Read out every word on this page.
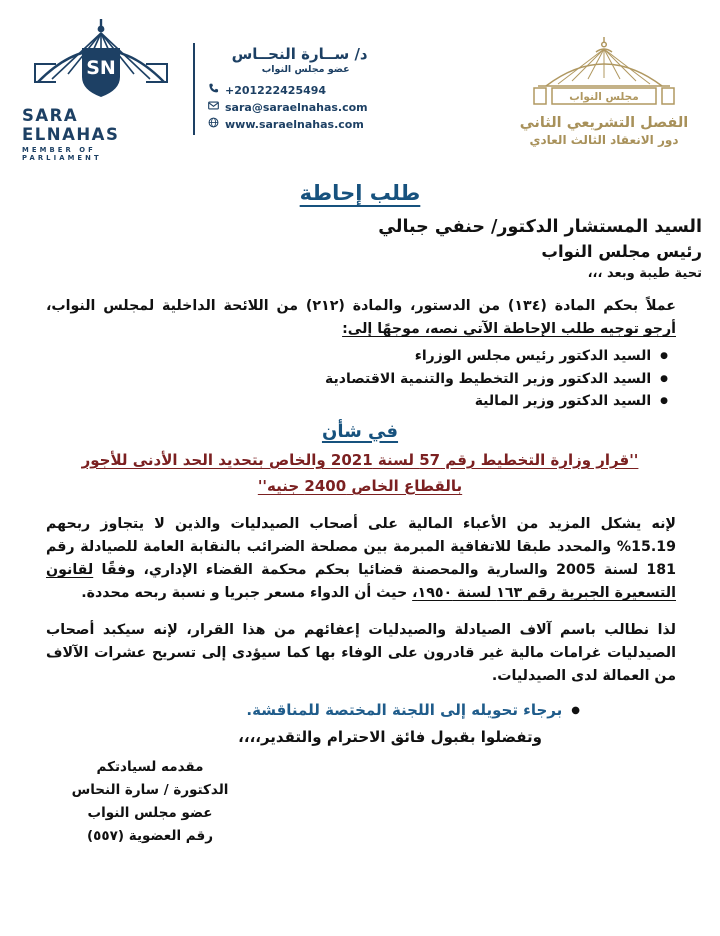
SN
SARA ELNAHAS
MEMBER OF PARLIAMENT
د/ ســارة النحــاس
عضو مجلس النواب
+201222425494
sara@saraelnahas.com
www.saraelnahas.com
مجلس النواب
الفصل التشريعي الثاني
دور الانعقاد الثالث العادي
طلب إحاطة
السيد المستشار الدكتور/ حنفي جبالي
رئيس مجلس النواب
تحية طيبة وبعد ،،،
عملاً بحكم المادة (١٣٤) من الدستور، والمادة (٢١٢) من اللائحة الداخلية لمجلس النواب، أرجو توجيه طلب الإحاطة الآتي نصه، موجهًا إلى:
● السيد الدكتور رئيس مجلس الوزراء
● السيد الدكتور وزير التخطيط والتنمية الاقتصادية
● السيد الدكتور وزير المالية
في شأن
''قرار وزارة التخطيط رقم 57 لسنة 2021 والخاص بتحديد الحد الأدنى للأجور
بالقطاع الخاص 2400 جنيه''
لإنه يشكل المزيد من الأعباء المالية على أصحاب الصيدليات والذين لا يتجاوز ربحهم 15.19% والمحدد طبقا للاتفاقية المبرمة بين مصلحة الضرائب بالنقابة العامة للصيادلة رقم 181 لسنة 2005 والسارية والمحصنة قضائيا بحكم محكمة القضاء الإداري، وفقًا لقانون التسعيرة الجبرية رقم ١٦٣ لسنة ١٩٥٠، حيث أن الدواء مسعر جبريا و نسبة ربحه محددة.
لذا نطالب باسم آلاف الصيادلة والصيدليات إعفائهم من هذا القرار، لإنه سيكبد أصحاب الصيدليات غرامات مالية غير قادرون على الوفاء بها كما سيؤدى إلى تسريح عشرات الآلاف من العمالة لدى الصيدليات.
● برجاء تحويله إلى اللجنة المختصة للمناقشة.
وتفضلوا بقبول فائق الاحترام والتقدير،،،،
مقدمه لسيادتكم
الدكتورة / سارة النحاس
عضو مجلس النواب
رقم العضوية (٥٥٧)
